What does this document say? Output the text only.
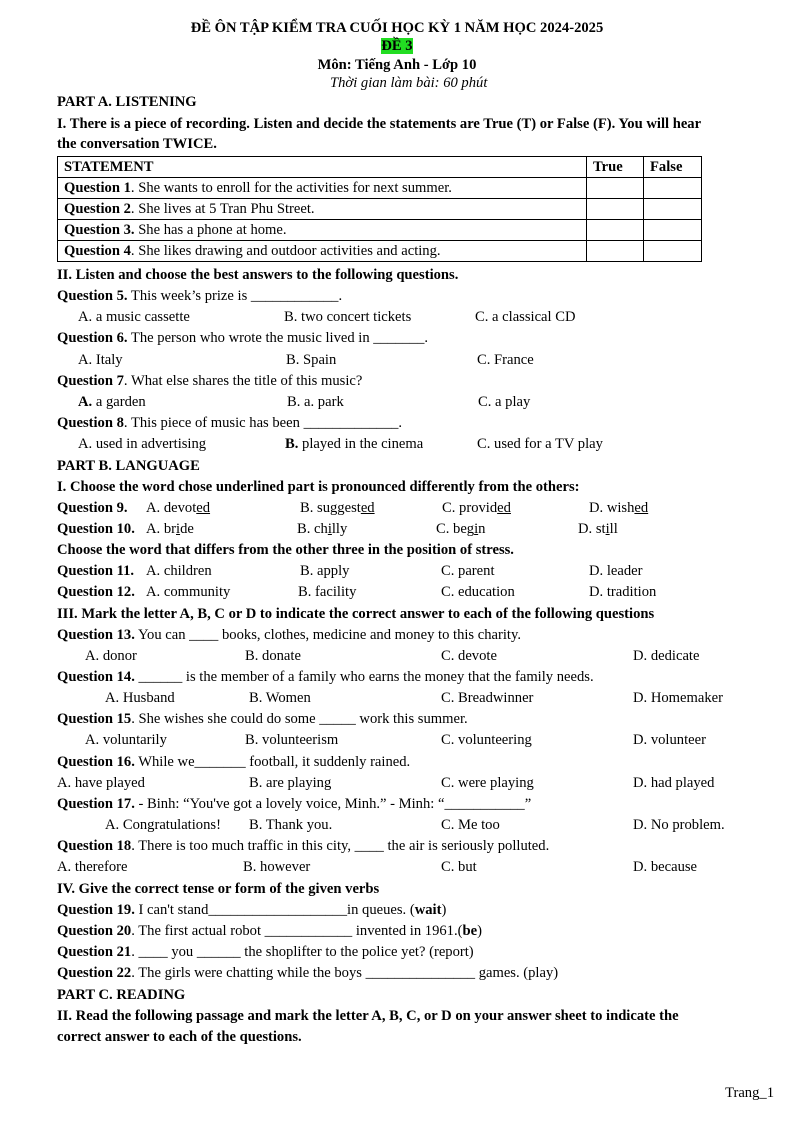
ĐỀ ÔN TẬP KIỂM TRA CUỐI HỌC KỲ 1 NĂM HỌC 2024-2025
ĐỀ 3
Môn: Tiếng Anh - Lớp 10
Thời gian làm bài: 60 phút
PART A. LISTENING
I. There is a piece of recording. Listen and decide the statements are True (T) or False (F). You will hear
the conversation TWICE.
STATEMENT	True	False
Question 1. She wants to enroll for the activities for next summer.		
Question 2. She lives at 5 Tran Phu Street.		
Question 3. She has a phone at home.		
Question 4. She likes drawing and outdoor activities and acting.		
II. Listen and choose the best answers to the following questions.
Question 5. This week’s prize is ____________.
A. a music cassette	B. two concert tickets	C. a classical CD
Question 6. The person who wrote the music lived in _______.
A. Italy	B. Spain	C. France
Question 7. What else shares the title of this music?
A. a garden	B. a. park	C. a play
Question 8. This piece of music has been _____________.
A. used in advertising	B. played in the cinema	C. used for a TV play
PART B. LANGUAGE
I. Choose the word chose underlined part is pronounced differently from the others:
Question 9. A. devoted	B. suggested	C. provided	D. wished
Question 10. A. bride	B. chilly	C. begin	D. still
Choose the word that differs from the other three in the position of stress.
Question 11. A. children	B. apply	C. parent	D. leader
Question 12. A. community	B. facility	C. education	D. tradition
III. Mark the letter A, B, C or D to indicate the correct answer to each of the following questions
Question 13. You can ____ books, clothes, medicine and money to this charity.
A. donor	B. donate	C. devote	D. dedicate
Question 14. ______ is the member of a family who earns the money that the family needs.
A. Husband	B. Women	C. Breadwinner	D. Homemaker
Question 15. She wishes she could do some _____ work this summer.
A. voluntarily	B. volunteerism	C. volunteering	D. volunteer
Question 16. While we_______ football, it suddenly rained.
A. have played	B. are playing	C. were playing	D. had played
Question 17. - Binh: “You've got a lovely voice, Minh.” - Minh: “___________”
A. Congratulations! B. Thank you.	C. Me too	D. No problem.
Question 18. There is too much traffic in this city, ____ the air is seriously polluted.
A. therefore	B. however	C. but	D. because
IV. Give the correct tense or form of the given verbs
Question 19. I can't stand___________________in queues. (wait)
Question 20. The first actual robot ____________ invented in 1961.(be)
Question 21. ____ you ______ the shoplifter to the police yet? (report)
Question 22. The girls were chatting while the boys _______________ games. (play)
PART C. READING
II. Read the following passage and mark the letter A, B, C, or D on your answer sheet to indicate the
correct answer to each of the questions.
Trang_1
